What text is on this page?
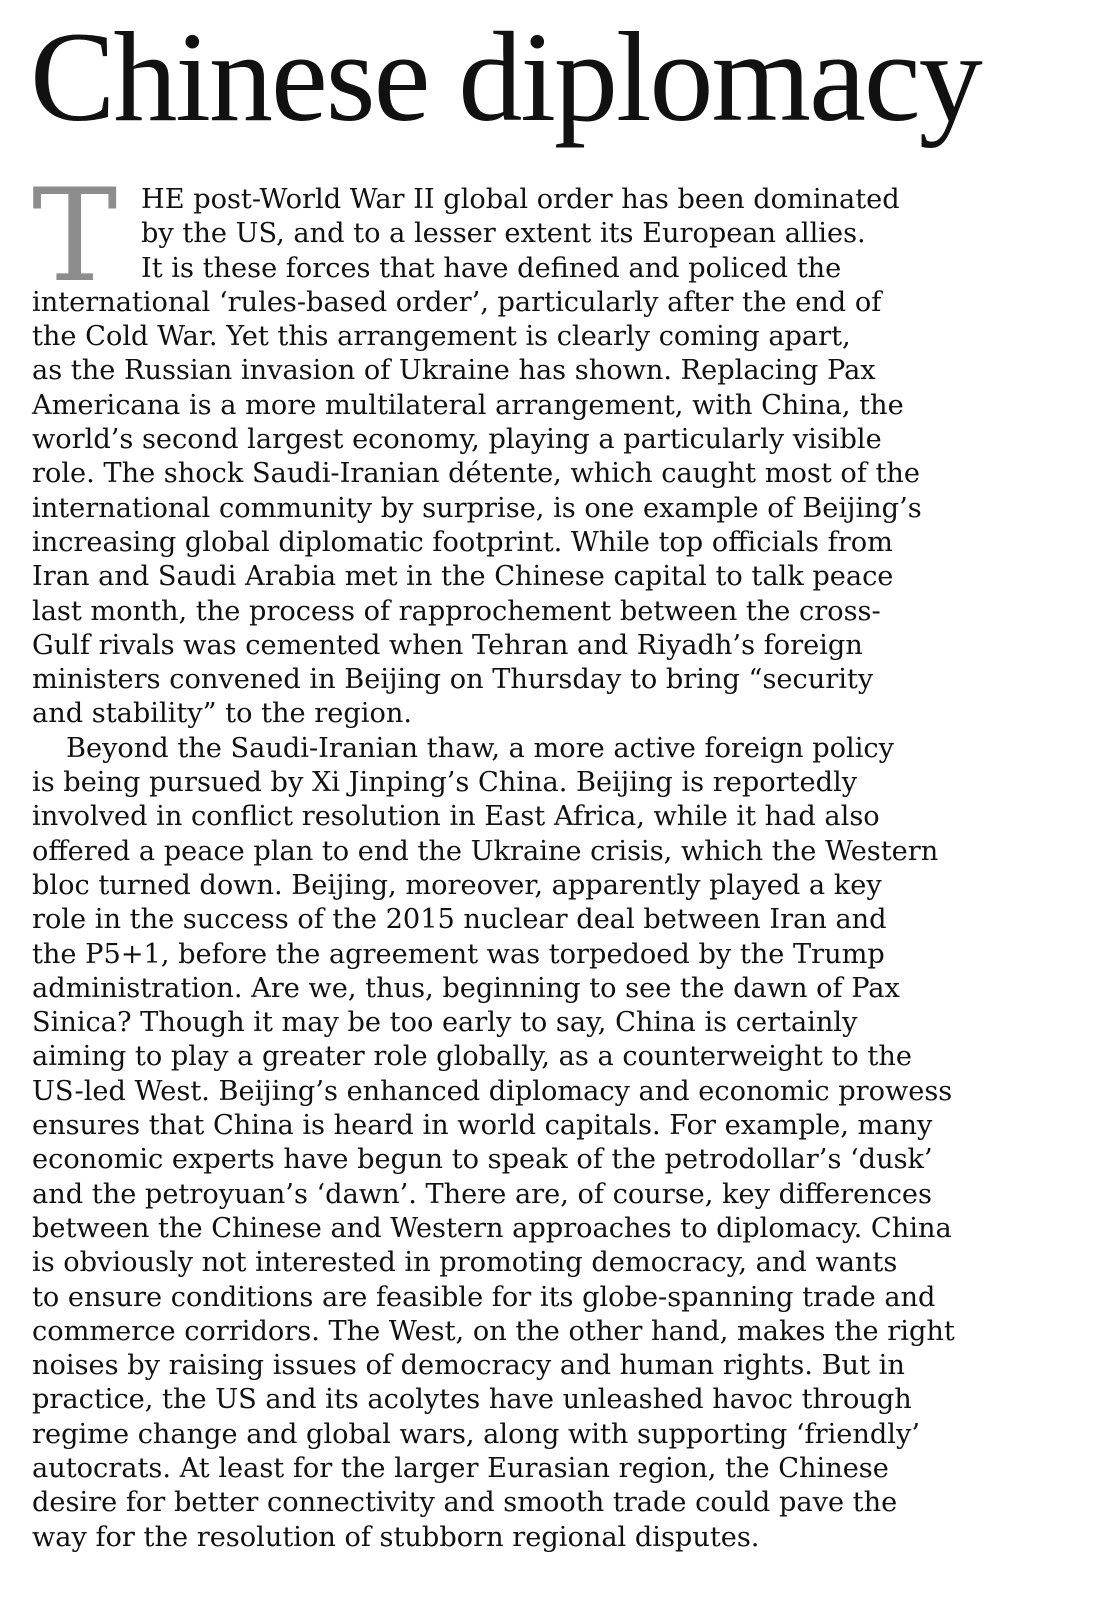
Chinese diplomacy
T HE post-World War II global order has been dominated
by the US, and to a lesser extent its European allies.
It is these forces that have defined and policed the
international ‘rules-based order’, particularly after the end of
the Cold War. Yet this arrangement is clearly coming apart,
as the Russian invasion of Ukraine has shown. Replacing Pax
Americana is a more multilateral arrangement, with China, the
world’s second largest economy, playing a particularly visible
role. The shock Saudi-Iranian détente, which caught most of the
international community by surprise, is one example of Beijing’s
increasing global diplomatic footprint. While top officials from
Iran and Saudi Arabia met in the Chinese capital to talk peace
last month, the process of rapprochement between the cross-
Gulf rivals was cemented when Tehran and Riyadh’s foreign
ministers convened in Beijing on Thursday to bring “security
and stability” to the region.
Beyond the Saudi-Iranian thaw, a more active foreign policy
is being pursued by Xi Jinping’s China. Beijing is reportedly
involved in conflict resolution in East Africa, while it had also
offered a peace plan to end the Ukraine crisis, which the Western
bloc turned down. Beijing, moreover, apparently played a key
role in the success of the 2015 nuclear deal between Iran and
the P5+1, before the agreement was torpedoed by the Trump
administration. Are we, thus, beginning to see the dawn of Pax
Sinica? Though it may be too early to say, China is certainly
aiming to play a greater role globally, as a counterweight to the
US-led West. Beijing’s enhanced diplomacy and economic prowess
ensures that China is heard in world capitals. For example, many
economic experts have begun to speak of the petrodollar’s ‘dusk’
and the petroyuan’s ‘dawn’. There are, of course, key differences
between the Chinese and Western approaches to diplomacy. China
is obviously not interested in promoting democracy, and wants
to ensure conditions are feasible for its globe-spanning trade and
commerce corridors. The West, on the other hand, makes the right
noises by raising issues of democracy and human rights. But in
practice, the US and its acolytes have unleashed havoc through
regime change and global wars, along with supporting ‘friendly’
autocrats. At least for the larger Eurasian region, the Chinese
desire for better connectivity and smooth trade could pave the
way for the resolution of stubborn regional disputes.
